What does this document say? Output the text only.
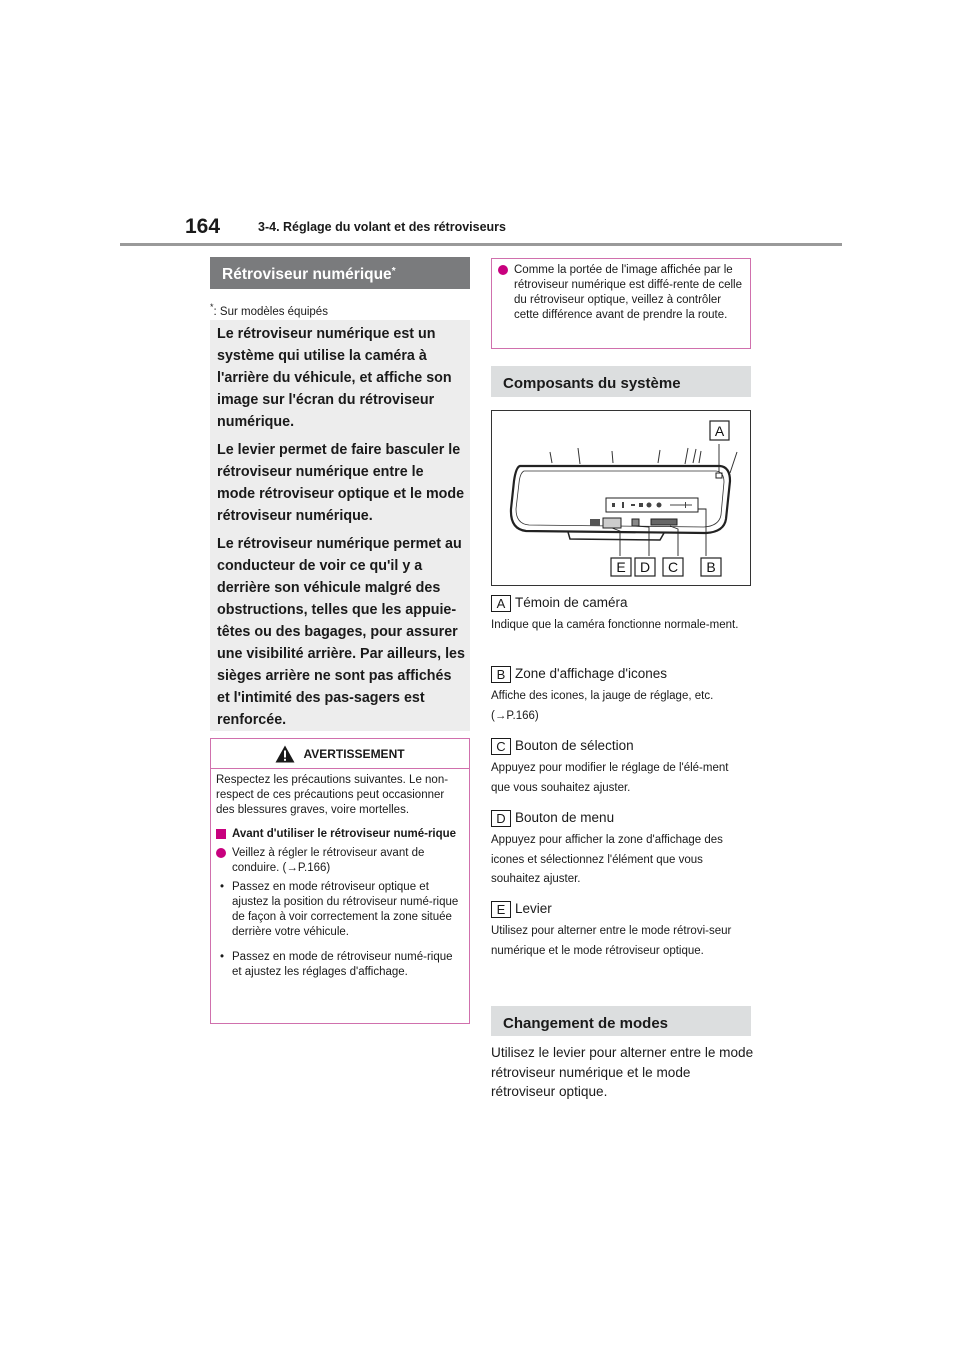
164	3-4. Réglage du volant et des rétroviseurs
Rétroviseur numérique*
*: Sur modèles équipés

Le rétroviseur numérique est un système qui utilise la caméra à l'arrière du véhicule, et affiche son image sur l'écran du rétroviseur numérique.

Le levier permet de faire basculer le rétroviseur numérique entre le mode rétroviseur optique et le mode rétroviseur numérique.

Le rétroviseur numérique permet au conducteur de voir ce qu'il y a derrière son véhicule malgré des obstructions, telles que les appuie-têtes ou des bagages, pour assurer une visibilité arrière. Par ailleurs, les sièges arrière ne sont pas affichés et l'intimité des pas-sagers est renforcée.

AVERTISSEMENT
Respectez les précautions suivantes. Le non-respect de ces précautions peut occasionner des blessures graves, voire mortelles.
Avant d'utiliser le rétroviseur numé-rique
Veillez à régler le rétroviseur avant de conduire. (→P.166)
• Passez en mode rétroviseur optique et ajustez la position du rétroviseur numé-rique de façon à voir correctement la zone située derrière votre véhicule.
• Passez en mode de rétroviseur numé-rique et ajustez les réglages d'affichage.
Comme la portée de l'image affichée par le rétroviseur numérique est diffé-rente de celle du rétroviseur optique, veillez à contrôler cette différence avant de prendre la route.
Composants du système
A
E D C B
A Témoin de caméra
Indique que la caméra fonctionne normale-ment.
B Zone d'affichage d'icones
Affiche des icones, la jauge de réglage, etc. (→P.166)
C Bouton de sélection
Appuyez pour modifier le réglage de l'élé-ment que vous souhaitez ajuster.
D Bouton de menu
Appuyez pour afficher la zone d'affichage des icones et sélectionnez l'élément que vous souhaitez ajuster.
E Levier
Utilisez pour alterner entre le mode rétrovi-seur numérique et le mode rétroviseur optique.
Changement de modes
Utilisez le levier pour alterner entre le mode rétroviseur numérique et le mode rétroviseur optique.
